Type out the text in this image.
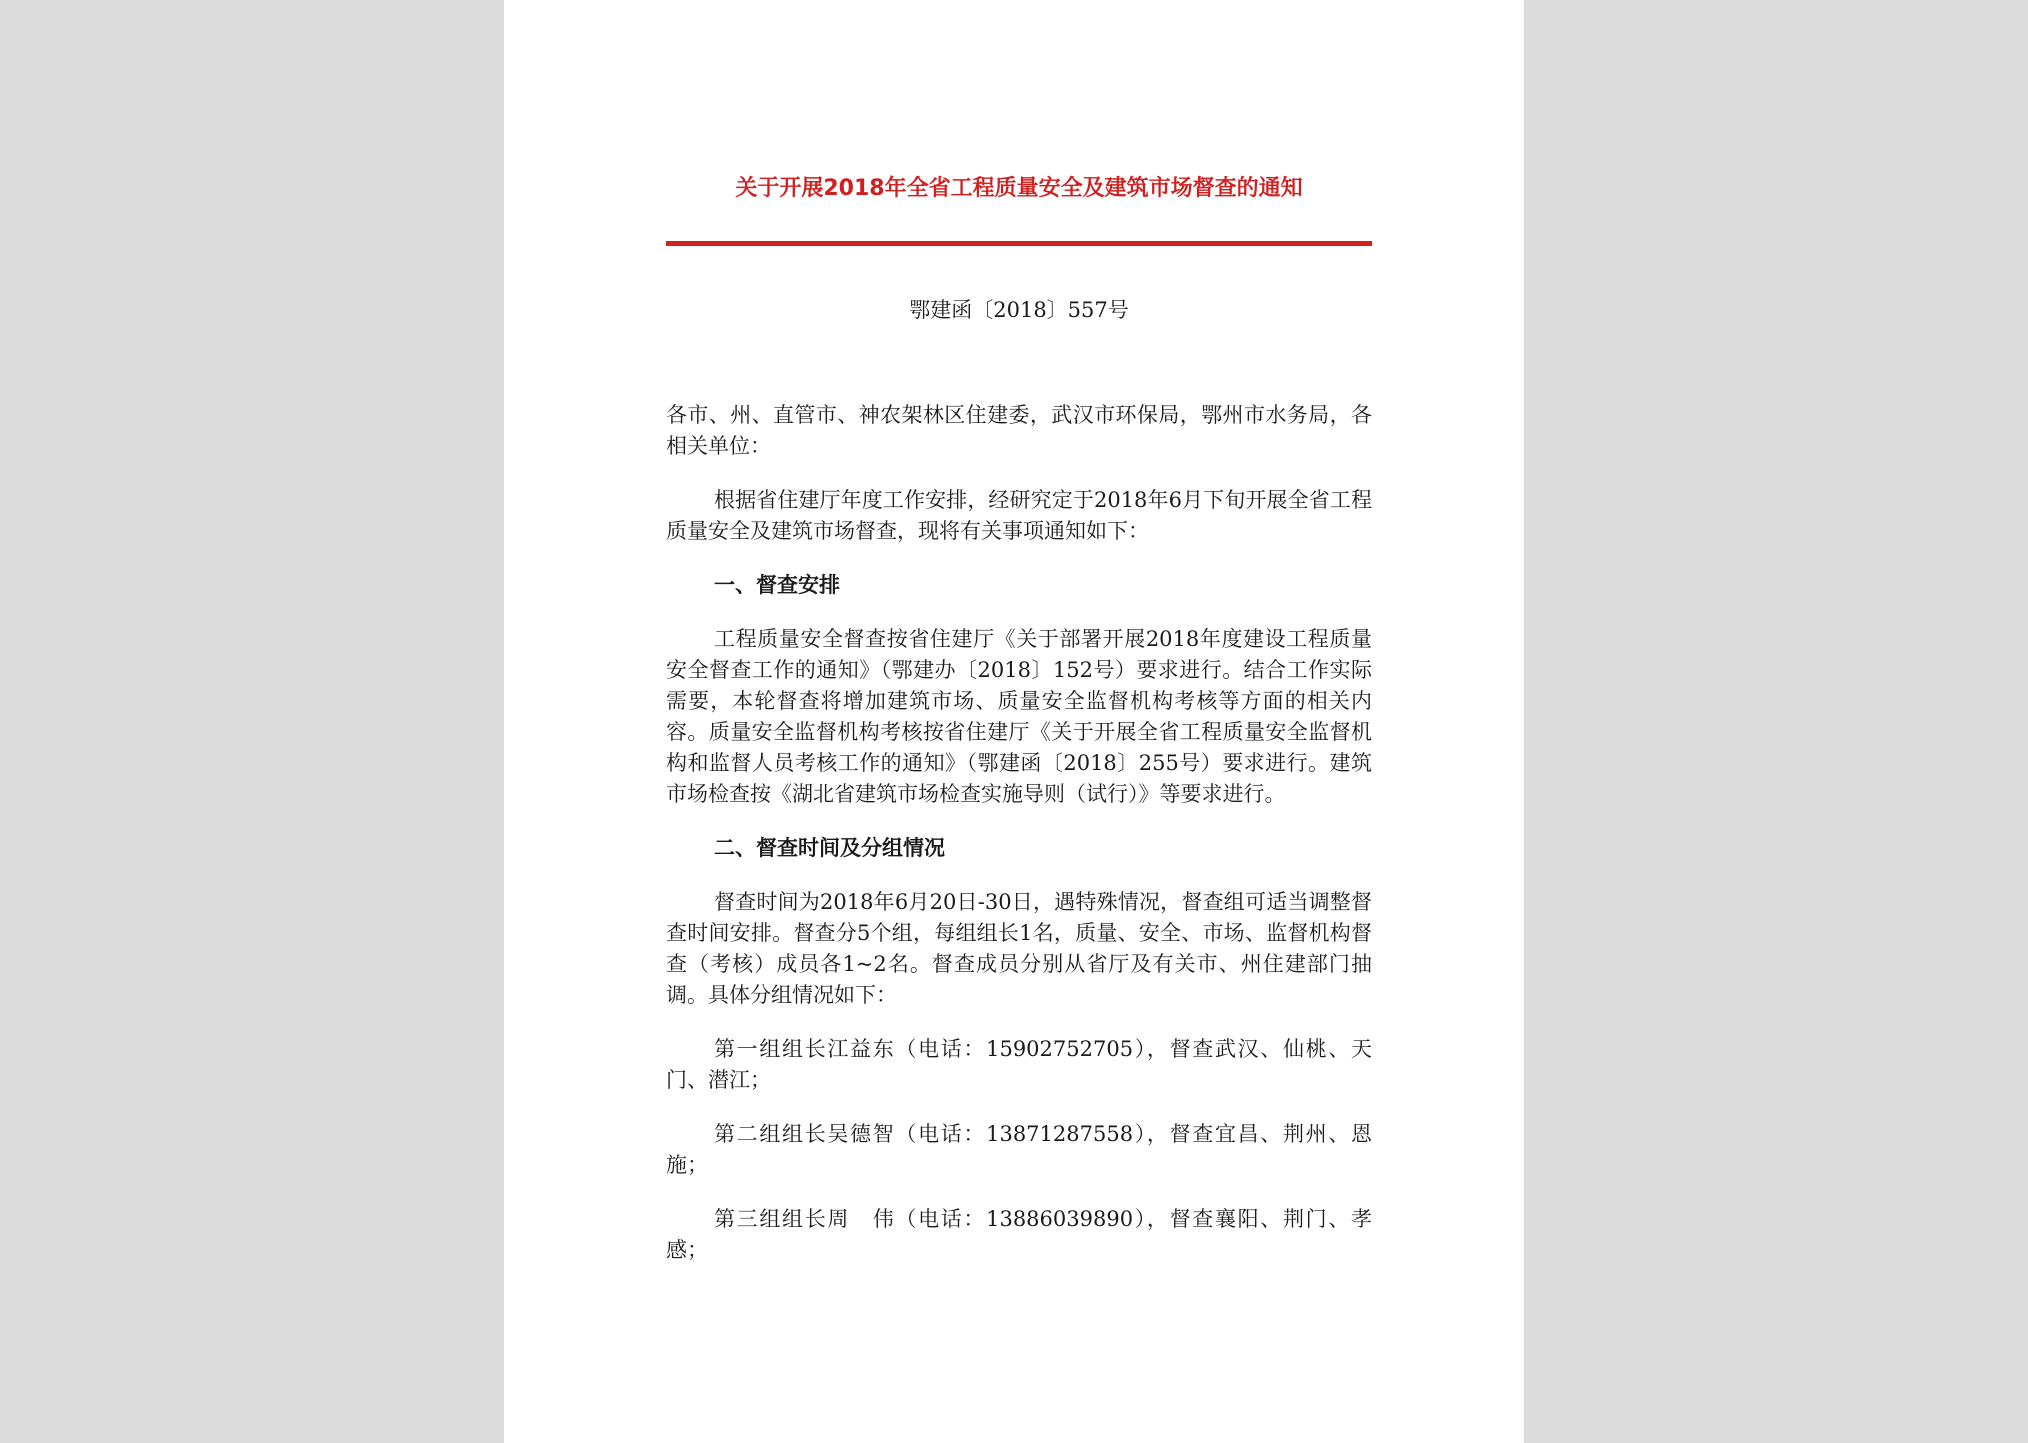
关于开展2018年全省工程质量安全及建筑市场督查的通知
鄂建函〔2018〕557号

各市、州、直管市、神农架林区住建委，武汉市环保局，鄂州市水务局，各相关单位：

根据省住建厅年度工作安排，经研究定于2018年6月下旬开展全省工程质量安全及建筑市场督查，现将有关事项通知如下：

一、督查安排

工程质量安全督查按省住建厅《关于部署开展2018年度建设工程质量安全督查工作的通知》（鄂建办〔2018〕152号）要求进行。结合工作实际需要，本轮督查将增加建筑市场、质量安全监督机构考核等方面的相关内容。质量安全监督机构考核按省住建厅《关于开展全省工程质量安全监督机构和监督人员考核工作的通知》（鄂建函〔2018〕255号）要求进行。建筑市场检查按《湖北省建筑市场检查实施导则（试行）》等要求进行。

二、督查时间及分组情况

督查时间为2018年6月20日-30日，遇特殊情况，督查组可适当调整督查时间安排。督查分5个组，每组组长1名，质量、安全、市场、监督机构督查（考核）成员各1~2名。督查成员分别从省厅及有关市、州住建部门抽调。具体分组情况如下：

第一组组长江益东（电话：15902752705），督查武汉、仙桃、天门、潜江；

第二组组长吴德智（电话：13871287558），督查宜昌、荆州、恩施；

第三组组长周　伟（电话：13886039890），督查襄阳、荆门、孝感；
